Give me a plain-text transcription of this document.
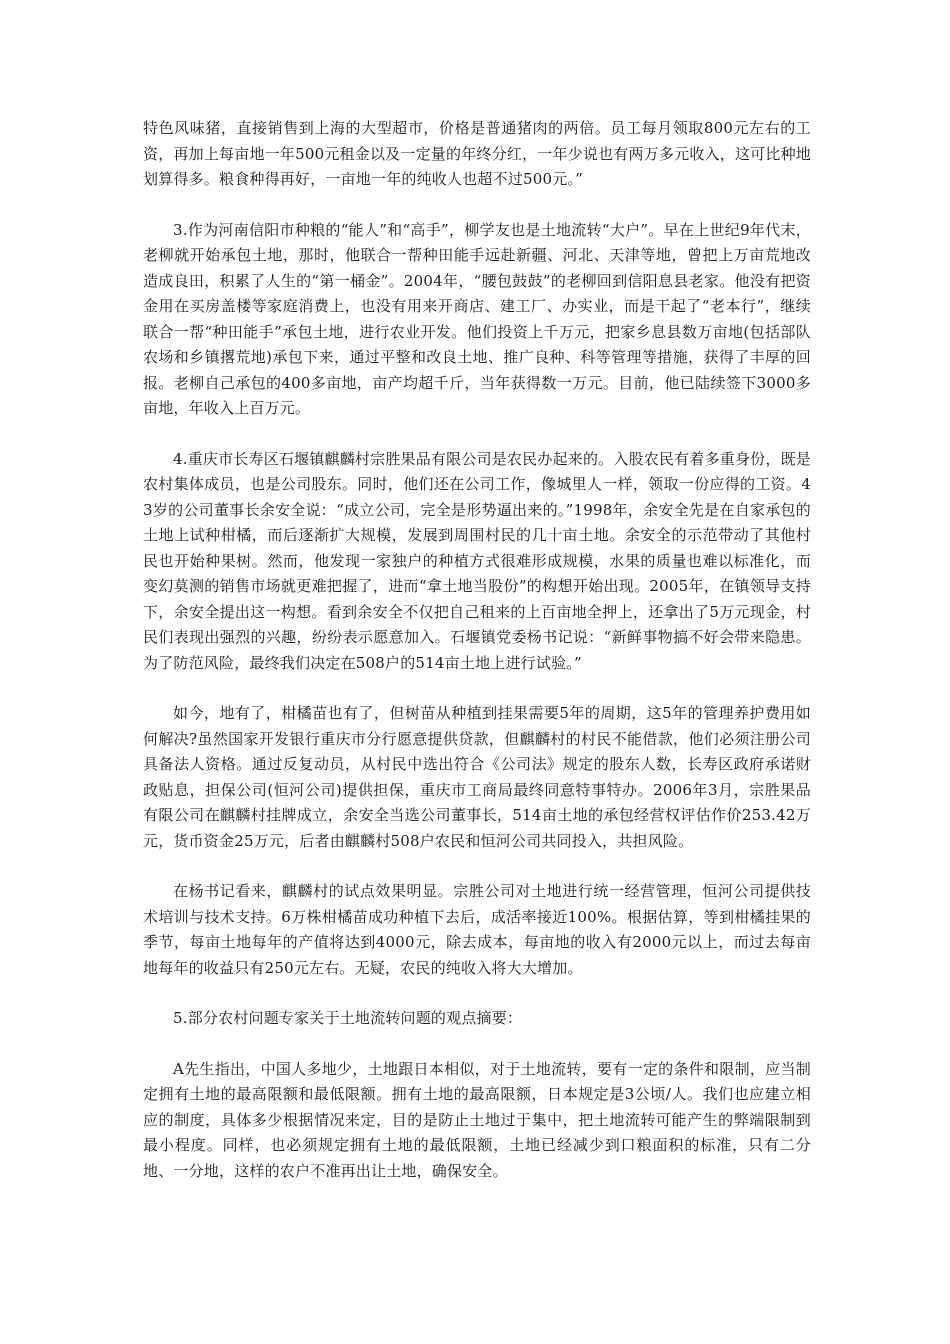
特色风味猪，直接销售到上海的大型超市，价格是普通猪肉的两倍。员工每月领取800元左右的工资，再加上每亩地一年500元租金以及一定量的年终分红，一年少说也有两万多元收入，这可比种地划算得多。粮食种得再好，一亩地一年的纯收人也超不过500元。”

3.作为河南信阳市种粮的“能人”和“高手”，柳学友也是土地流转“大户”。早在上世纪9年代末，老柳就开始承包土地，那时，他联合一帮种田能手远赴新疆、河北、天津等地，曾把上万亩荒地改造成良田，积累了人生的“第一桶金”。2004年，“腰包鼓鼓”的老柳回到信阳息县老家。他没有把资金用在买房盖楼等家庭消费上，也没有用来开商店、建工厂、办实业，而是干起了“老本行”，继续联合一帮“种田能手”承包土地，进行农业开发。他们投资上千万元，把家乡息县数万亩地(包括部队农场和乡镇撂荒地)承包下来，通过平整和改良土地、推广良种、科等管理等措施，获得了丰厚的回报。老柳自己承包的400多亩地，亩产均超千斤，当年获得数一万元。目前，他已陆续签下3000多亩地，年收入上百万元。

4.重庆市长寿区石堰镇麒麟村宗胜果品有限公司是农民办起来的。入股农民有着多重身份，既是农村集体成员，也是公司股东。同时，他们还在公司工作，像城里人一样，领取一份应得的工资。43岁的公司董事长余安全说：“成立公司，完全是形势逼出来的。”1998年，余安全先是在自家承包的土地上试种柑橘，而后逐渐扩大规模，发展到周围村民的几十亩土地。余安全的示范带动了其他村民也开始种果树。然而，他发现一家独户的种植方式很难形成规模，水果的质量也难以标准化，而变幻莫测的销售市场就更难把握了，进而“拿土地当股份”的构想开始出现。2005年，在镇领导支持下，余安全提出这一构想。看到余安全不仅把自己租来的上百亩地全押上，还拿出了5万元现金，村民们表现出强烈的兴趣，纷纷表示愿意加入。石堰镇党委杨书记说：“新鲜事物搞不好会带来隐患。为了防范风险，最终我们决定在508户的514亩土地上进行试验。”

如今，地有了，柑橘苗也有了，但树苗从种植到挂果需要5年的周期，这5年的管理养护费用如何解决?虽然国家开发银行重庆市分行愿意提供贷款，但麒麟村的村民不能借款，他们必须注册公司具备法人资格。通过反复动员，从村民中选出符合《公司法》规定的股东人数，长寿区政府承诺财政贴息，担保公司(恒河公司)提供担保，重庆市工商局最终同意特事特办。2006年3月，宗胜果品有限公司在麒麟村挂牌成立，余安全当选公司董事长，514亩土地的承包经营权评估作价253.42万元，货币资金25万元，后者由麒麟村508户农民和恒河公司共同投入，共担风险。

在杨书记看来，麒麟村的试点效果明显。宗胜公司对土地进行统一经营管理，恒河公司提供技术培训与技术支持。6万株柑橘苗成功种植下去后，成活率接近100%。根据估算，等到柑橘挂果的季节，每亩土地每年的产值将达到4000元，除去成本，每亩地的收入有2000元以上，而过去每亩地每年的收益只有250元左右。无疑，农民的纯收入将大大增加。

5.部分农村问题专家关于土地流转问题的观点摘要：

A先生指出，中国人多地少，土地跟日本相似，对于土地流转，要有一定的条件和限制，应当制定拥有土地的最高限额和最低限额。拥有土地的最高限额，日本规定是3公顷/人。我们也应建立相应的制度，具体多少根据情况来定，目的是防止土地过于集中，把土地流转可能产生的弊端限制到最小程度。同样，也必须规定拥有土地的最低限额，土地已经减少到口粮面积的标准，只有二分地、一分地，这样的农户不准再出让土地，确保安全。
